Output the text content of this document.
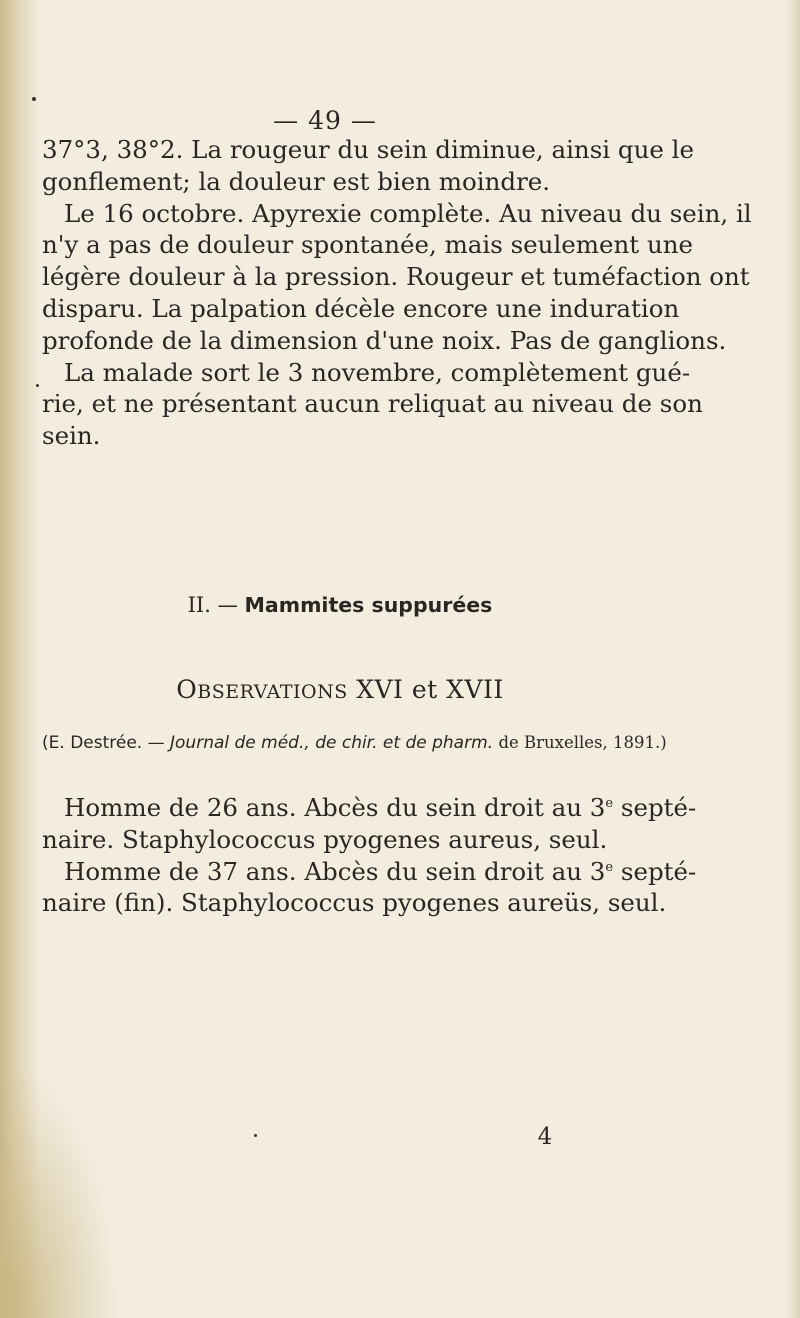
— 49 —

37°3, 38°2. La rougeur du sein diminue, ainsi que le
gonflement; la douleur est bien moindre.

Le 16 octobre. Apyrexie complète. Au niveau du sein, il
n'y a pas de douleur spontanée, mais seulement une
légère douleur à la pression. Rougeur et tuméfaction ont
disparu. La palpation décèle encore une induration
profonde de la dimension d'une noix. Pas de ganglions.

La malade sort le 3 novembre, complètement gué-
rie, et ne présentant aucun reliquat au niveau de son
sein.

II. — Mammites suppurées
OBSERVATIONS XVI et XVII
(E. Destrée. — Journal de méd., de chir. et de pharm. de Bruxelles, 1891.)

Homme de 26 ans. Abcès du sein droit au 3e septé-
naire. Staphylococcus pyogenes aureus, seul.

Homme de 37 ans. Abcès du sein droit au 3e septé-
naire (fin). Staphylococcus pyogenes aureüs, seul.

4
